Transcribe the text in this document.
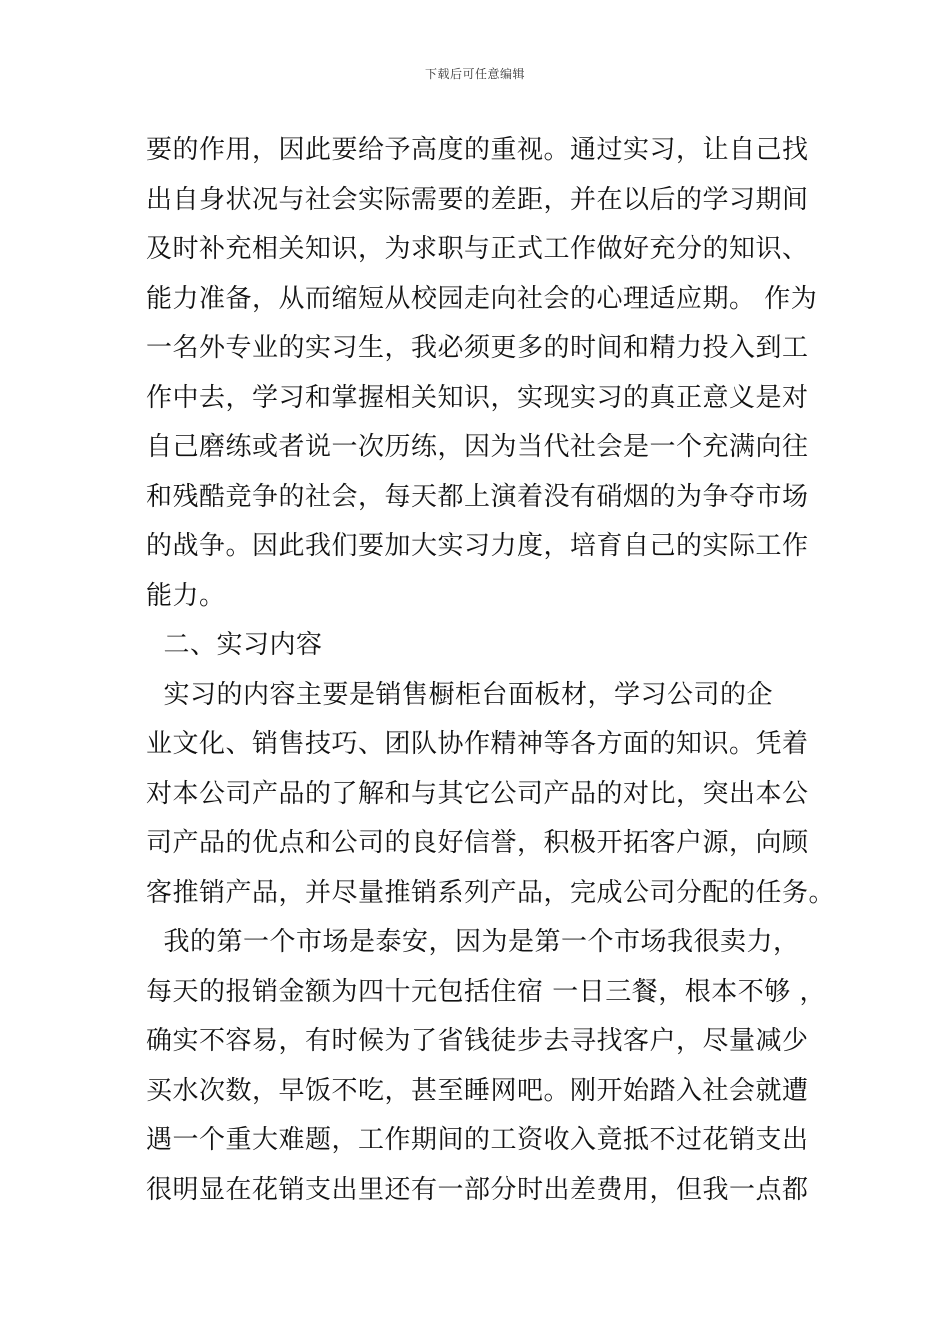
下载后可任意编辑
要的作用，因此要给予高度的重视。通过实习，让自己找
出自身状况与社会实际需要的差距，并在以后的学习期间
及时补充相关知识，为求职与正式工作做好充分的知识、
能力准备，从而缩短从校园走向社会的心理适应期。 作为
一名外专业的实习生，我必须更多的时间和精力投入到工
作中去，学习和掌握相关知识，实现实习的真正意义是对
自己磨练或者说一次历练，因为当代社会是一个充满向往
和残酷竞争的社会，每天都上演着没有硝烟的为争夺市场
的战争。因此我们要加大实习力度，培育自己的实际工作
能力。
二、实习内容
实习的内容主要是销售橱柜台面板材，学习公司的企
业文化、销售技巧、团队协作精神等各方面的知识。凭着
对本公司产品的了解和与其它公司产品的对比，突出本公
司产品的优点和公司的良好信誉，积极开拓客户源，向顾
客推销产品，并尽量推销系列产品，完成公司分配的任务。
我的第一个市场是泰安，因为是第一个市场我很卖力，
每天的报销金额为四十元包括住宿 一日三餐，根本不够 ，
确实不容易，有时候为了省钱徒步去寻找客户，尽量减少
买水次数，早饭不吃，甚至睡网吧。刚开始踏入社会就遭
遇一个重大难题，工作期间的工资收入竟抵不过花销支出
很明显在花销支出里还有一部分时出差费用，但我一点都
